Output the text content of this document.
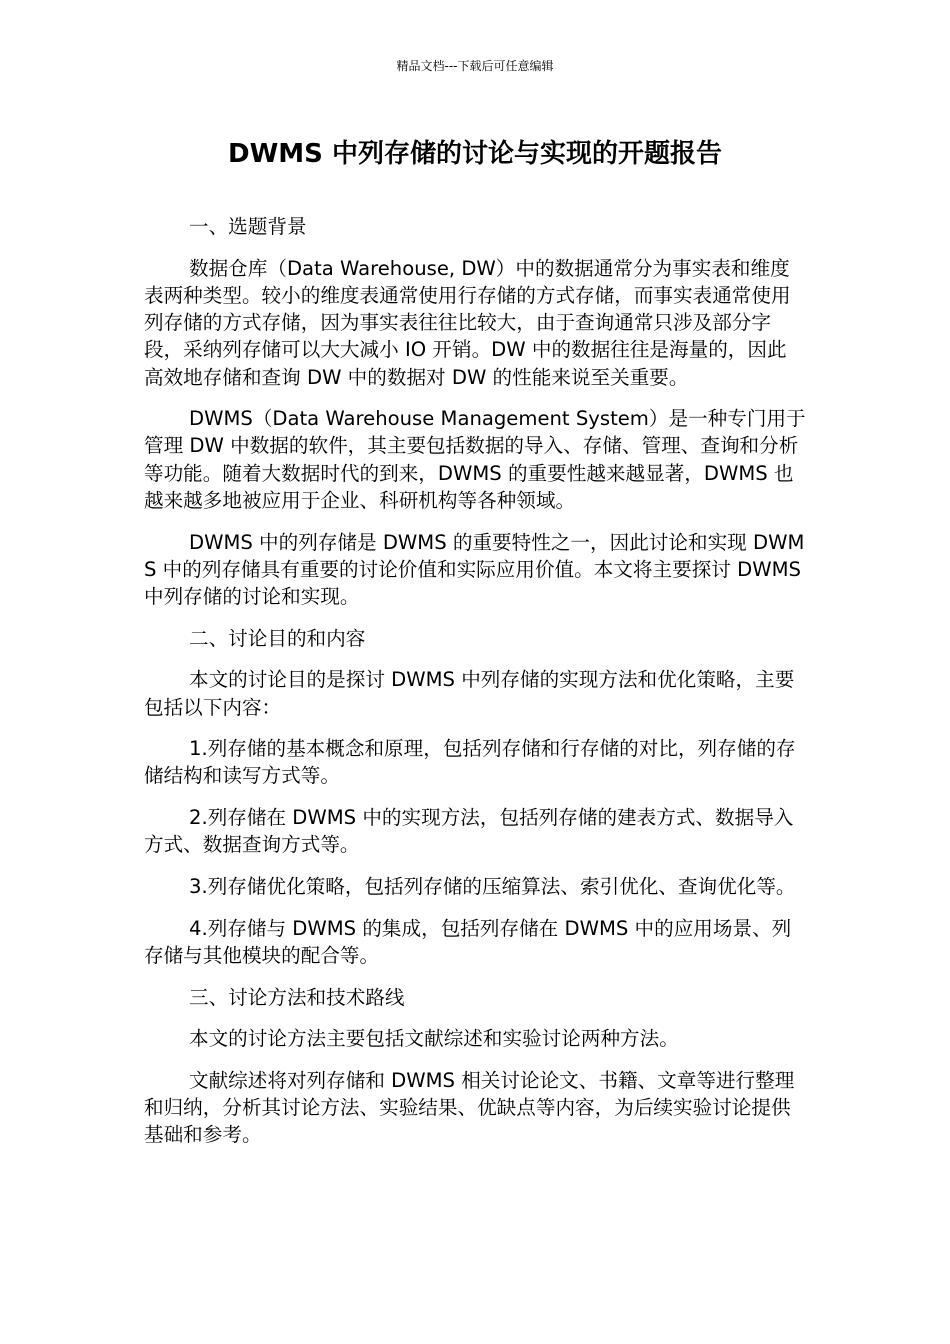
精品文档---下载后可任意编辑
DWMS 中列存储的讨论与实现的开题报告

一、选题背景

数据仓库（Data Warehouse, DW）中的数据通常分为事实表和维度表两种类型。较小的维度表通常使用行存储的方式存储，而事实表通常使用列存储的方式存储，因为事实表往往比较大，由于查询通常只涉及部分字段，采纳列存储可以大大减小 IO 开销。DW 中的数据往往是海量的，因此高效地存储和查询 DW 中的数据对 DW 的性能来说至关重要。

DWMS（Data Warehouse Management System）是一种专门用于管理 DW 中数据的软件，其主要包括数据的导入、存储、管理、查询和分析等功能。随着大数据时代的到来，DWMS 的重要性越来越显著，DWMS 也越来越多地被应用于企业、科研机构等各种领域。

DWMS 中的列存储是 DWMS 的重要特性之一，因此讨论和实现 DWMS 中的列存储具有重要的讨论价值和实际应用价值。本文将主要探讨 DWMS 中列存储的讨论和实现。

二、讨论目的和内容

本文的讨论目的是探讨 DWMS 中列存储的实现方法和优化策略，主要包括以下内容：

1.列存储的基本概念和原理，包括列存储和行存储的对比，列存储的存储结构和读写方式等。

2.列存储在 DWMS 中的实现方法，包括列存储的建表方式、数据导入方式、数据查询方式等。

3.列存储优化策略，包括列存储的压缩算法、索引优化、查询优化等。

4.列存储与 DWMS 的集成，包括列存储在 DWMS 中的应用场景、列存储与其他模块的配合等。

三、讨论方法和技术路线

本文的讨论方法主要包括文献综述和实验讨论两种方法。

文献综述将对列存储和 DWMS 相关讨论论文、书籍、文章等进行整理和归纳，分析其讨论方法、实验结果、优缺点等内容，为后续实验讨论提供基础和参考。
